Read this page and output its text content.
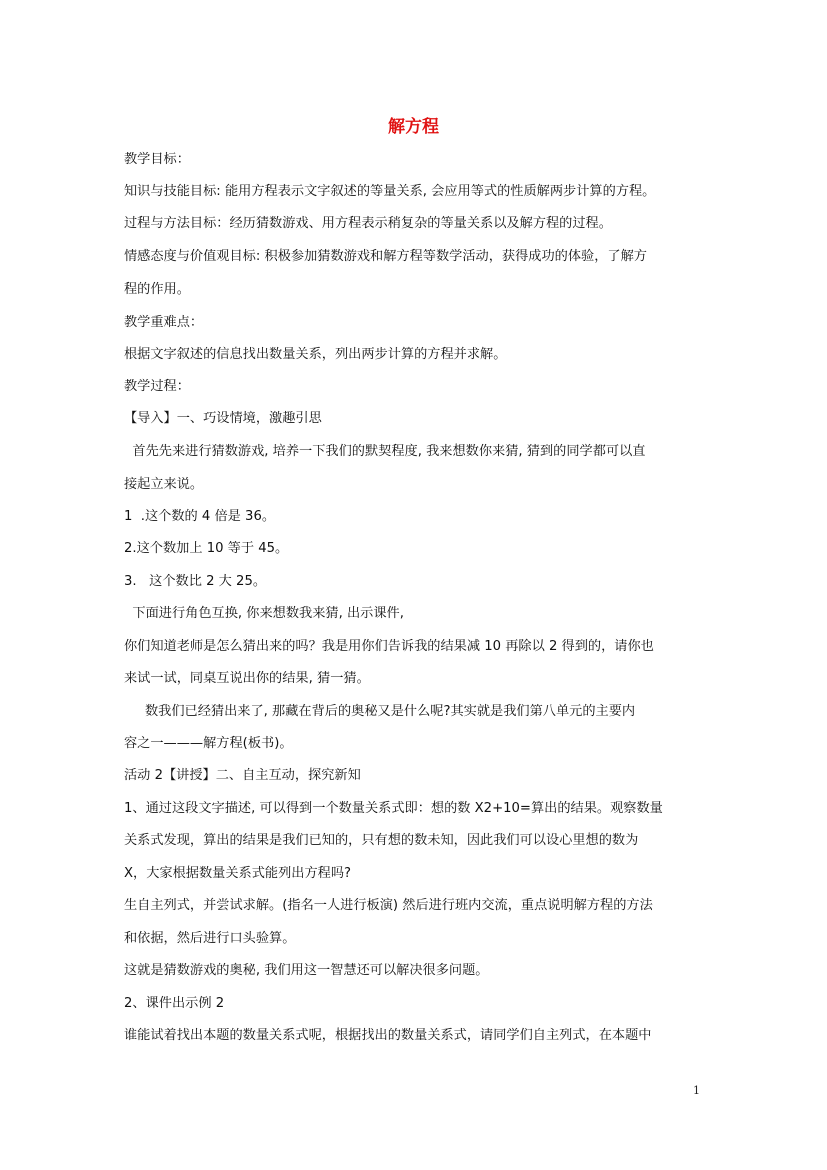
解方程
教学目标：
知识与技能目标: 能用方程表示文字叙述的等量关系, 会应用等式的性质解两步计算的方程。
过程与方法目标：经历猜数游戏、用方程表示稍复杂的等量关系以及解方程的过程。
情感态度与价值观目标: 积极参加猜数游戏和解方程等数学活动，获得成功的体验，了解方
程的作用。
教学重难点：
根据文字叙述的信息找出数量关系，列出两步计算的方程并求解。
教学过程：
【导入】一、巧设情境，激趣引思
首先先来进行猜数游戏, 培养一下我们的默契程度, 我来想数你来猜, 猜到的同学都可以直
接起立来说。
1  .这个数的 4 倍是 36。
2.这个数加上 10 等于 45。
3.   这个数比 2 大 25。
下面进行角色互换, 你来想数我来猜, 出示课件,
你们知道老师是怎么猜出来的吗？我是用你们告诉我的结果减 10 再除以 2 得到的，请你也
来试一试，同桌互说出你的结果, 猜一猜。
数我们已经猜出来了, 那藏在背后的奥秘又是什么呢?其实就是我们第八单元的主要内
容之一———解方程(板书)。
活动 2【讲授】二、自主互动，探究新知
1、通过这段文字描述, 可以得到一个数量关系式即：想的数 X2+10=算出的结果。观察数量
关系式发现，算出的结果是我们已知的，只有想的数未知，因此我们可以设心里想的数为
X，大家根据数量关系式能列出方程吗?
生自主列式，并尝试求解。(指名一人进行板演) 然后进行班内交流，重点说明解方程的方法
和依据，然后进行口头验算。
这就是猜数游戏的奥秘, 我们用这一智慧还可以解决很多问题。
2、课件出示例 2
谁能试着找出本题的数量关系式呢，根据找出的数量关系式，请同学们自主列式，在本题中
1
